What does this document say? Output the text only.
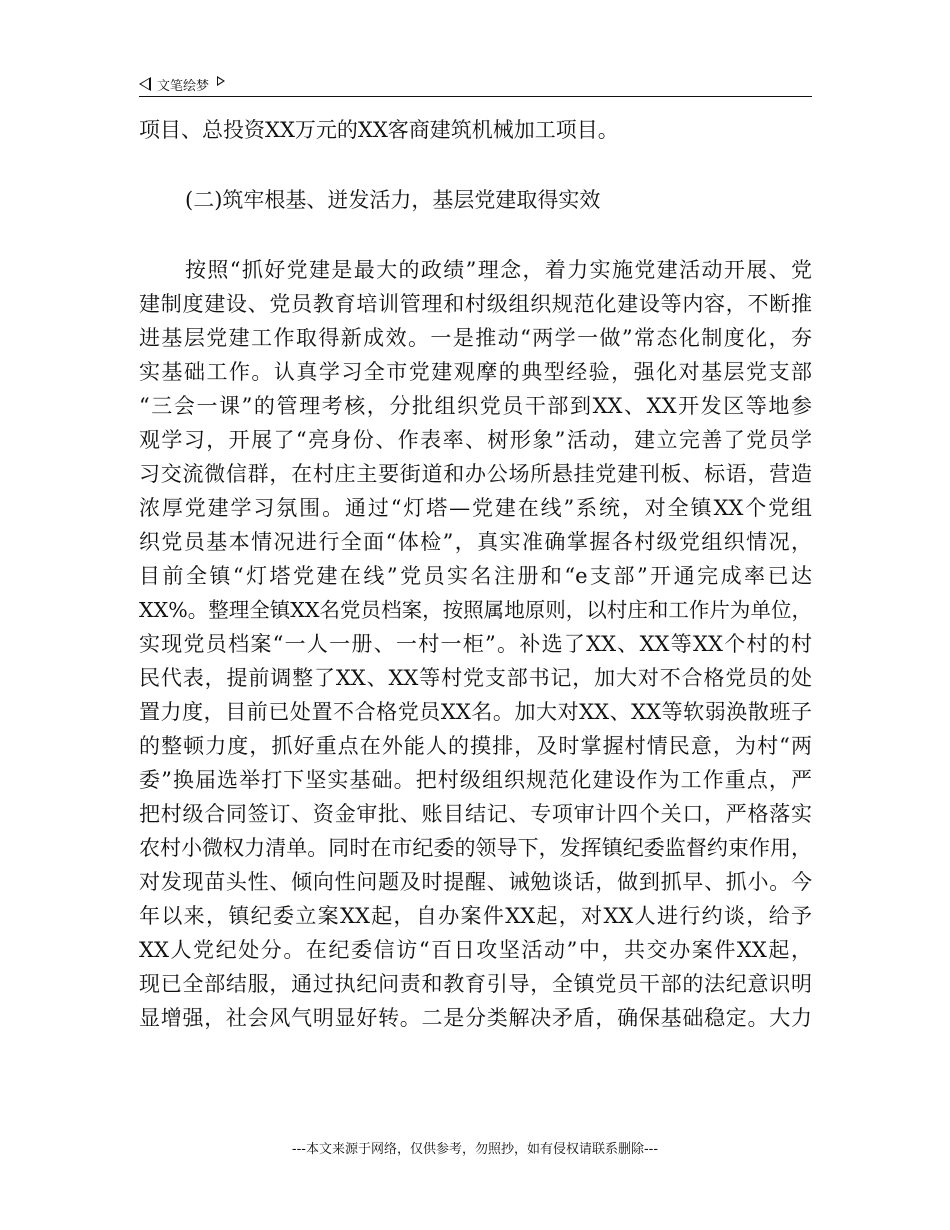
文笔绘梦
项目、总投资XX万元的XX客商建筑机械加工项目。
(二)筑牢根基、迸发活力，基层党建取得实效
按照“抓好党建是最大的政绩”理念，着力实施党建活动开展、党
建制度建设、党员教育培训管理和村级组织规范化建设等内容，不断推
进基层党建工作取得新成效。一是推动“两学一做”常态化制度化，夯
实基础工作。认真学习全市党建观摩的典型经验，强化对基层党支部
“三会一课”的管理考核，分批组织党员干部到XX、XX开发区等地参
观学习，开展了“亮身份、作表率、树形象”活动，建立完善了党员学
习交流微信群，在村庄主要街道和办公场所悬挂党建刊板、标语，营造
浓厚党建学习氛围。通过“灯塔—党建在线”系统，对全镇XX个党组
织党员基本情况进行全面“体检”，真实准确掌握各村级党组织情况，
目前全镇“灯塔党建在线”党员实名注册和“e支部”开通完成率已达
XX%。整理全镇XX名党员档案，按照属地原则，以村庄和工作片为单位，
实现党员档案“一人一册、一村一柜”。补选了XX、XX等XX个村的村
民代表，提前调整了XX、XX等村党支部书记，加大对不合格党员的处
置力度，目前已处置不合格党员XX名。加大对XX、XX等软弱涣散班子
的整顿力度，抓好重点在外能人的摸排，及时掌握村情民意，为村“两
委”换届选举打下坚实基础。把村级组织规范化建设作为工作重点，严
把村级合同签订、资金审批、账目结记、专项审计四个关口，严格落实
农村小微权力清单。同时在市纪委的领导下，发挥镇纪委监督约束作用，
对发现苗头性、倾向性问题及时提醒、诫勉谈话，做到抓早、抓小。今
年以来，镇纪委立案XX起，自办案件XX起，对XX人进行约谈，给予
XX人党纪处分。在纪委信访“百日攻坚活动”中，共交办案件XX起，
现已全部结服，通过执纪问责和教育引导，全镇党员干部的法纪意识明
显增强，社会风气明显好转。二是分类解决矛盾，确保基础稳定。大力
---本文来源于网络，仅供参考，勿照抄，如有侵权请联系删除---
